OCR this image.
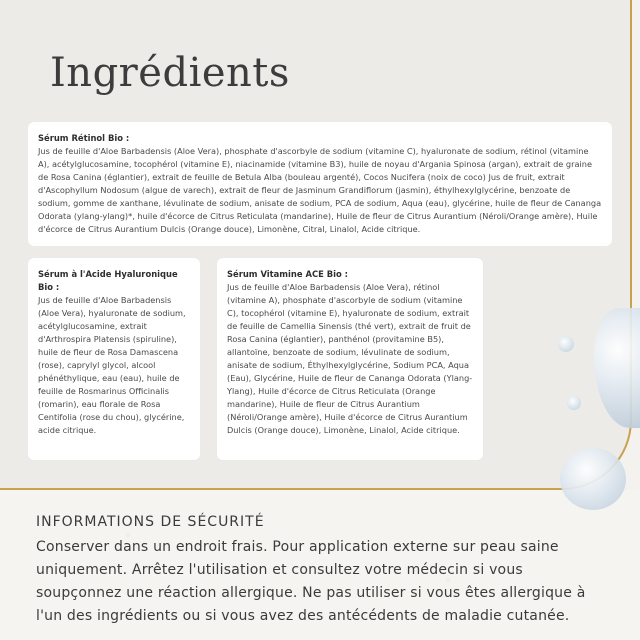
Ingrédients
Sérum Rétinol Bio :
Jus de feuille d'Aloe Barbadensis (Aloe Vera), phosphate d'ascorbyle de sodium (vitamine C), hyaluronate de sodium, rétinol (vitamine A), acétylglucosamine, tocophérol (vitamine E), niacinamide (vitamine B3), huile de noyau d'Argania Spinosa (argan), extrait de graine de Rosa Canina (églantier), extrait de feuille de Betula Alba (bouleau argenté), Cocos Nucifera (noix de coco) Jus de fruit, extrait d'Ascophyllum Nodosum (algue de varech), extrait de fleur de Jasminum Grandiflorum (jasmin), éthylhexylglycérine, benzoate de sodium, gomme de xanthane, lévulinate de sodium, anisate de sodium, PCA de sodium, Aqua (eau), glycérine, huile de fleur de Cananga Odorata (ylang-ylang)*, huile d'écorce de Citrus Reticulata (mandarine), Huile de fleur de Citrus Aurantium (Néroli/Orange amère), Huile d'écorce de Citrus Aurantium Dulcis (Orange douce), Limonène, Citral, Linalol, Acide citrique.
Sérum à l'Acide Hyaluronique Bio :
Jus de feuille d'Aloe Barbadensis (Aloe Vera), hyaluronate de sodium, acétylglucosamine, extrait d'Arthrospira Platensis (spiruline), huile de fleur de Rosa Damascena (rose), caprylyl glycol, alcool phénéthylique, eau (eau), huile de feuille de Rosmarinus Officinalis (romarin), eau florale de Rosa Centifolia (rose du chou), glycérine, acide citrique.
Sérum Vitamine ACE Bio :
Jus de feuille d'Aloe Barbadensis (Aloe Vera), rétinol (vitamine A), phosphate d'ascorbyle de sodium (vitamine C), tocophérol (vitamine E), hyaluronate de sodium, extrait de feuille de Camellia Sinensis (thé vert), extrait de fruit de Rosa Canina (églantier), panthénol (provitamine B5), allantoïne, benzoate de sodium, lévulinate de sodium, anisate de sodium, Éthylhexylglycérine, Sodium PCA, Aqua (Eau), Glycérine, Huile de fleur de Cananga Odorata (Ylang-Ylang), Huile d'écorce de Citrus Reticulata (Orange mandarine), Huile de fleur de Citrus Aurantium (Néroli/Orange amère), Huile d'écorce de Citrus Aurantium Dulcis (Orange douce), Limonène, Linalol, Acide citrique.
INFORMATIONS DE SÉCURITÉ

Conserver dans un endroit frais. Pour application externe sur peau saine uniquement. Arrêtez l'utilisation et consultez votre médecin si vous soupçonnez une réaction allergique. Ne pas utiliser si vous êtes allergique à l'un des ingrédients ou si vous avez des antécédents de maladie cutanée.
